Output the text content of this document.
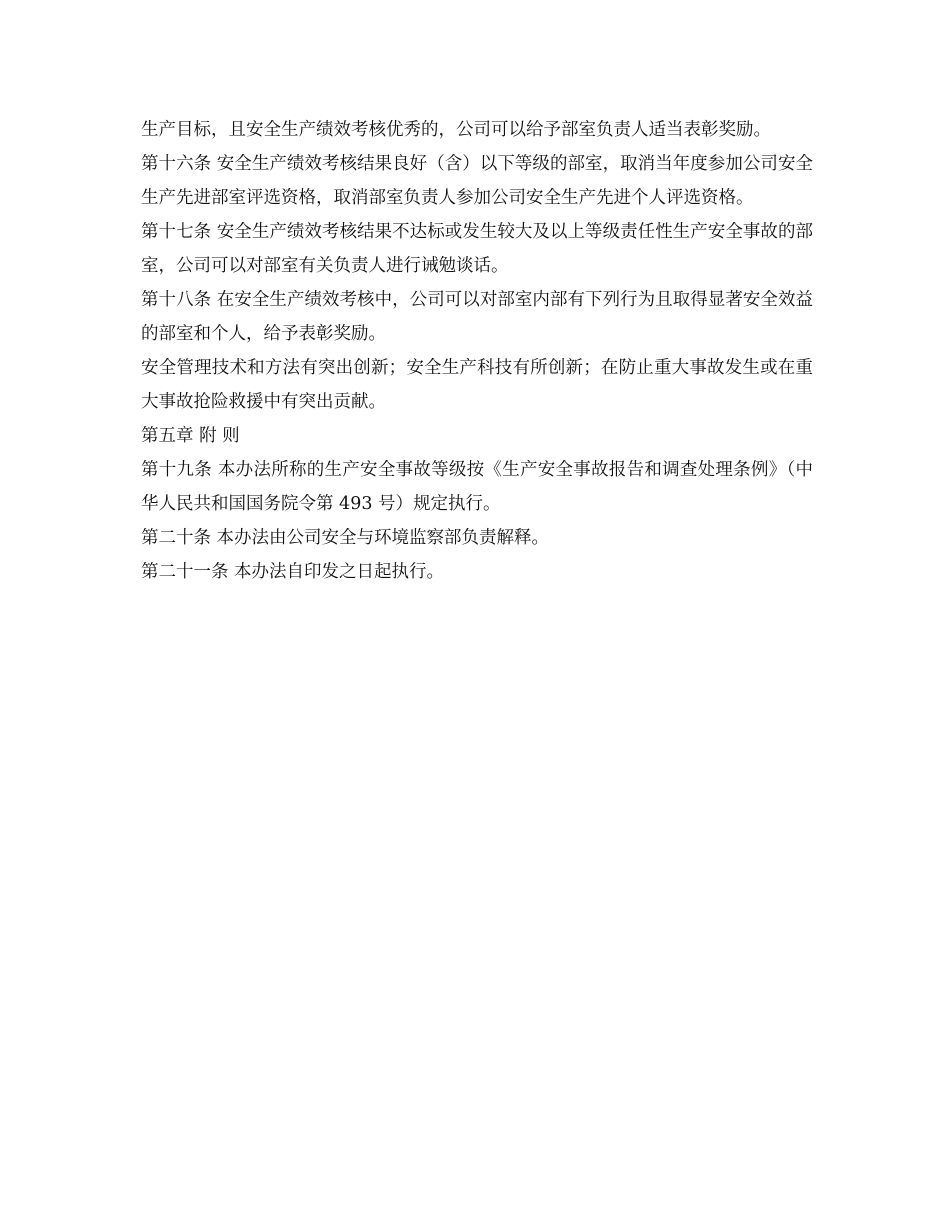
生产目标，且安全生产绩效考核优秀的，公司可以给予部室负责人适当表彰奖励。

第十六条 安全生产绩效考核结果良好（含）以下等级的部室，取消当年度参加公司安全生产先进部室评选资格，取消部室负责人参加公司安全生产先进个人评选资格。

第十七条 安全生产绩效考核结果不达标或发生较大及以上等级责任性生产安全事故的部室，公司可以对部室有关负责人进行诫勉谈话。

第十八条 在安全生产绩效考核中，公司可以对部室内部有下列行为且取得显著安全效益的部室和个人，给予表彰奖励。

安全管理技术和方法有突出创新；安全生产科技有所创新；在防止重大事故发生或在重大事故抢险救援中有突出贡献。

第五章 附 则

第十九条 本办法所称的生产安全事故等级按《生产安全事故报告和调查处理条例》（中华人民共和国国务院令第 493 号）规定执行。

第二十条 本办法由公司安全与环境监察部负责解释。

第二十一条 本办法自印发之日起执行。
